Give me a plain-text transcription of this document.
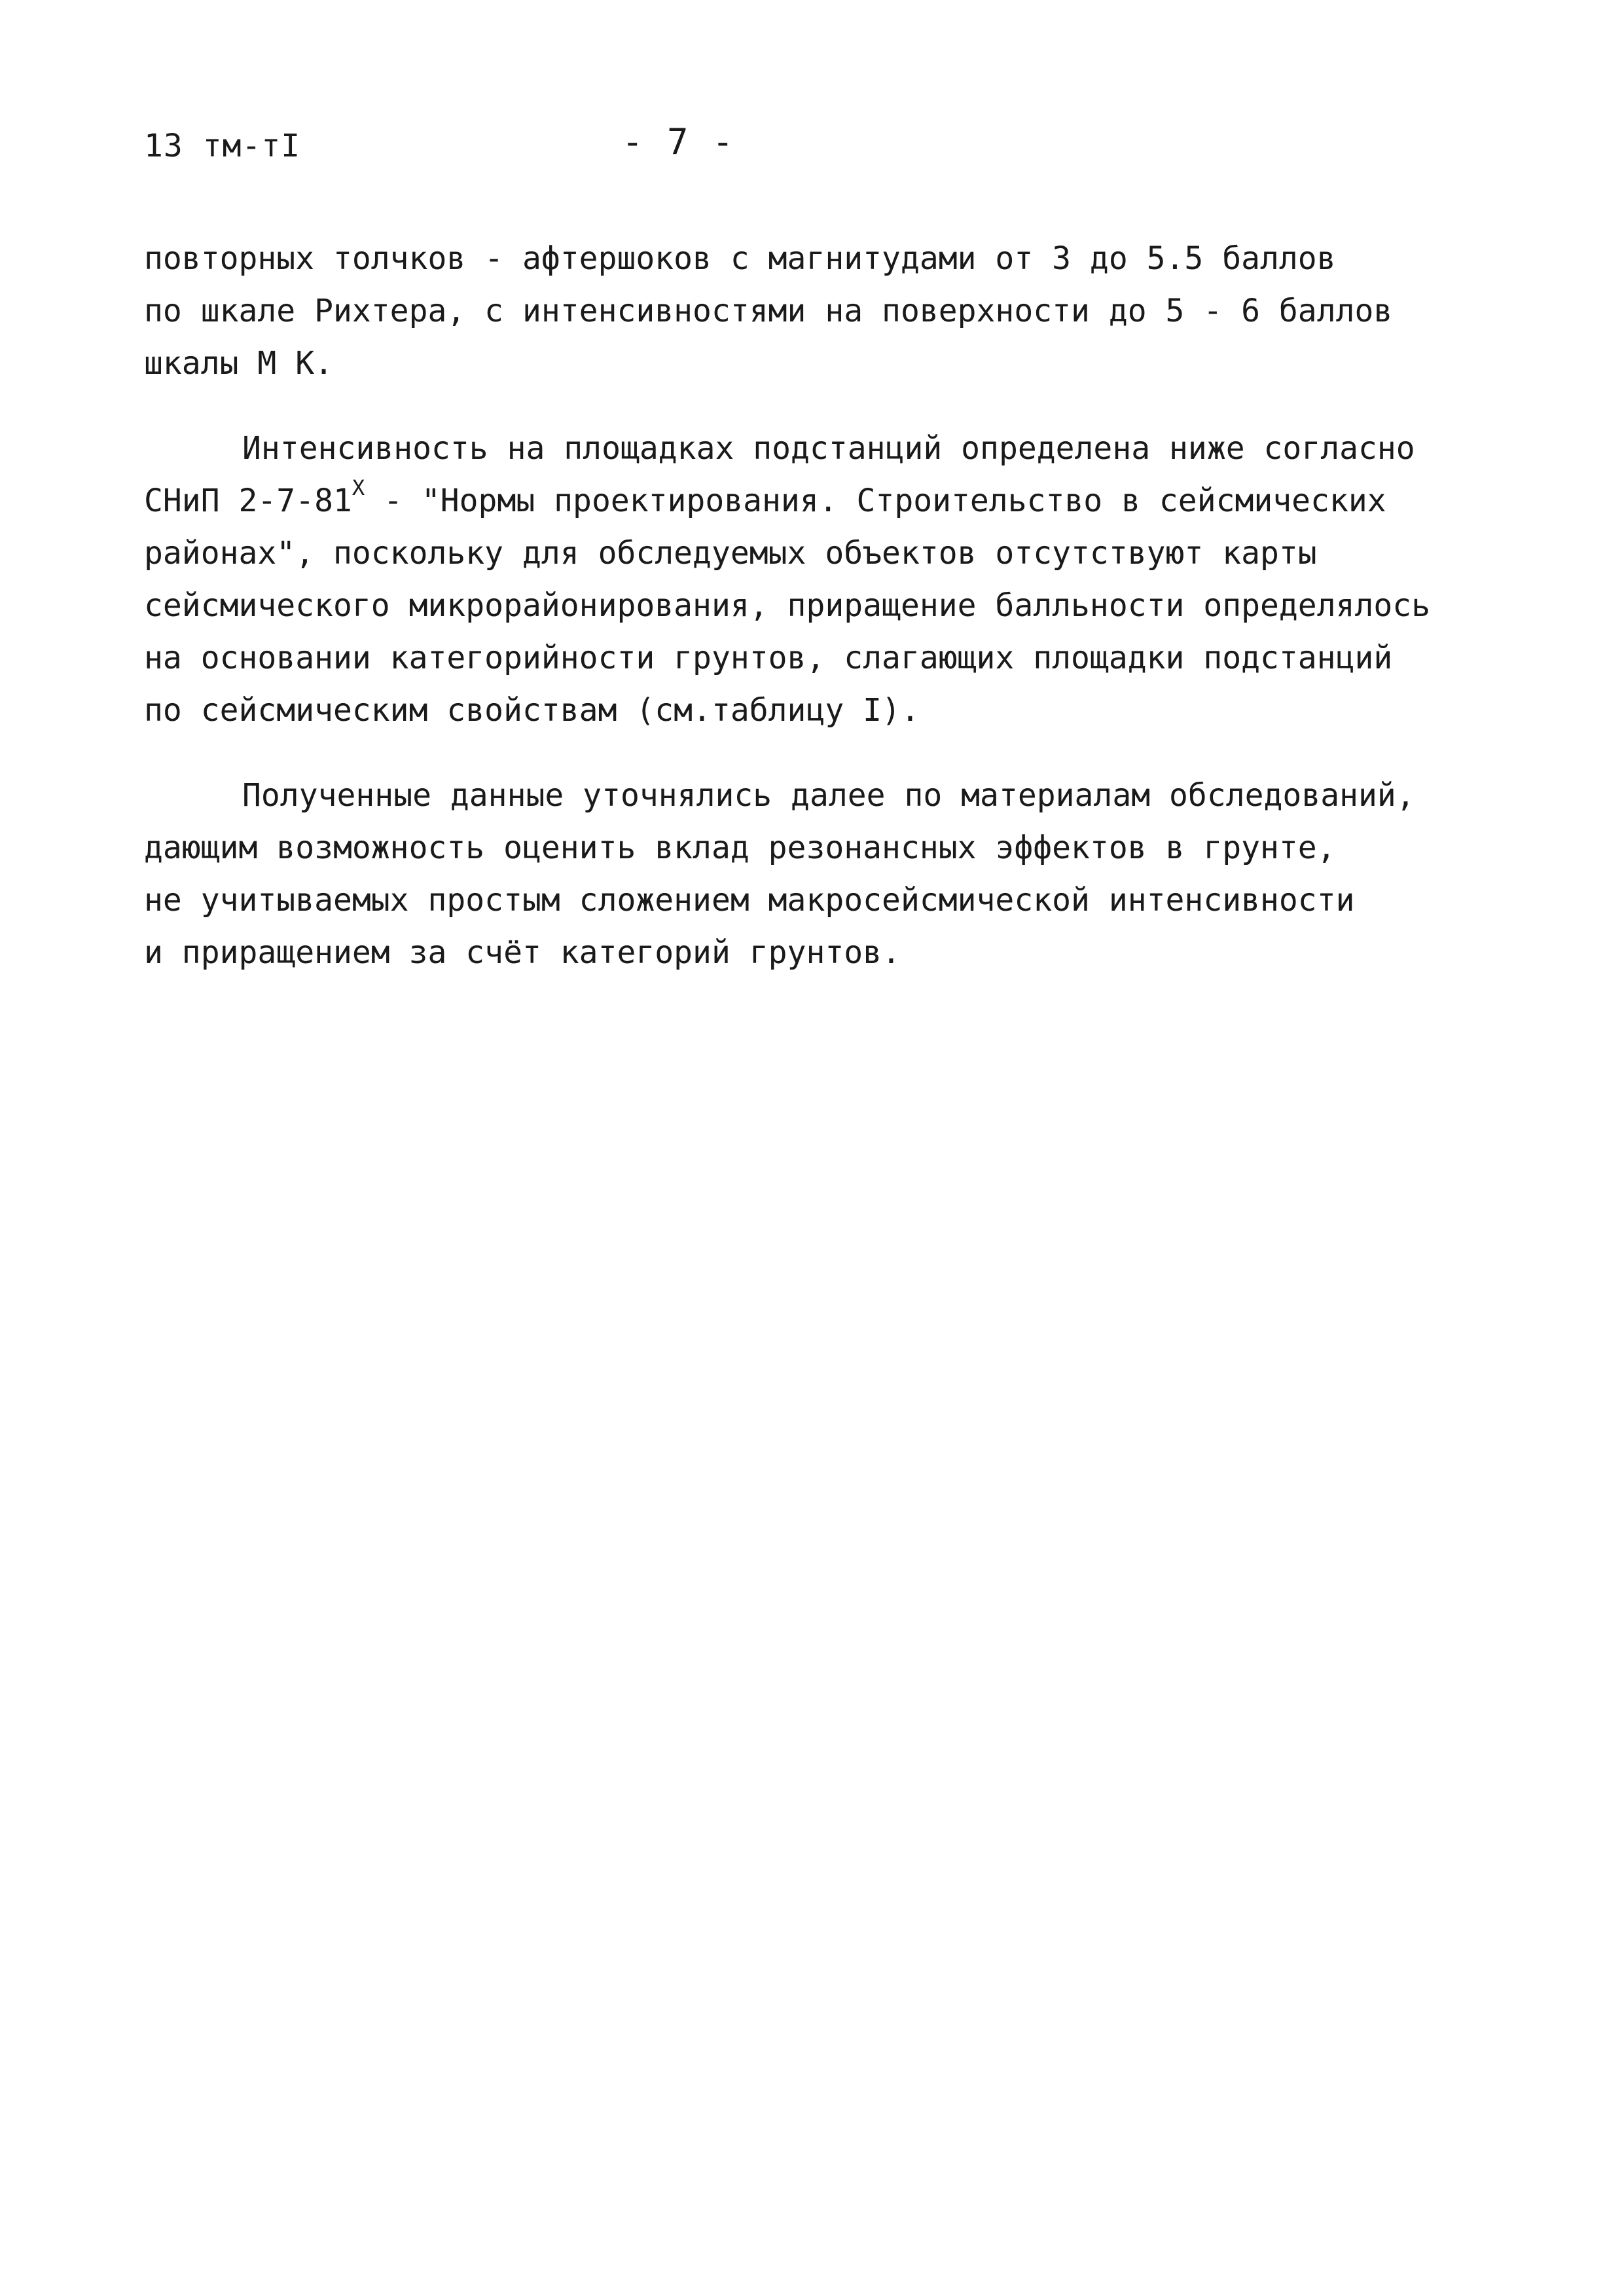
13 тм-тI	- 7 -

повторных толчков - афтершоков с магнитудами от 3 до 5.5 баллов
по шкале Рихтера, с интенсивностями на поверхности до 5 - 6 баллов
шкалы М К.

Интенсивность на площадках подстанций определена ниже согласно
СНиП $2-7-81^Х$ - "Нормы проектирования. Строительство в сейсмических
районах", поскольку для обследуемых объектов отсутствуют карты
сейсмического микрорайонирования, приращение балльности определялось
на основании категорийности грунтов, слагающих площадки подстанций
по сейсмическим свойствам (см.таблицу I).

Полученные данные уточнялись далее по материалам обследований,
дающим возможность оценить вклад резонансных эффектов в грунте,
не учитываемых простым сложением макросейсмической интенсивности
и приращением за счёт категорий грунтов.
